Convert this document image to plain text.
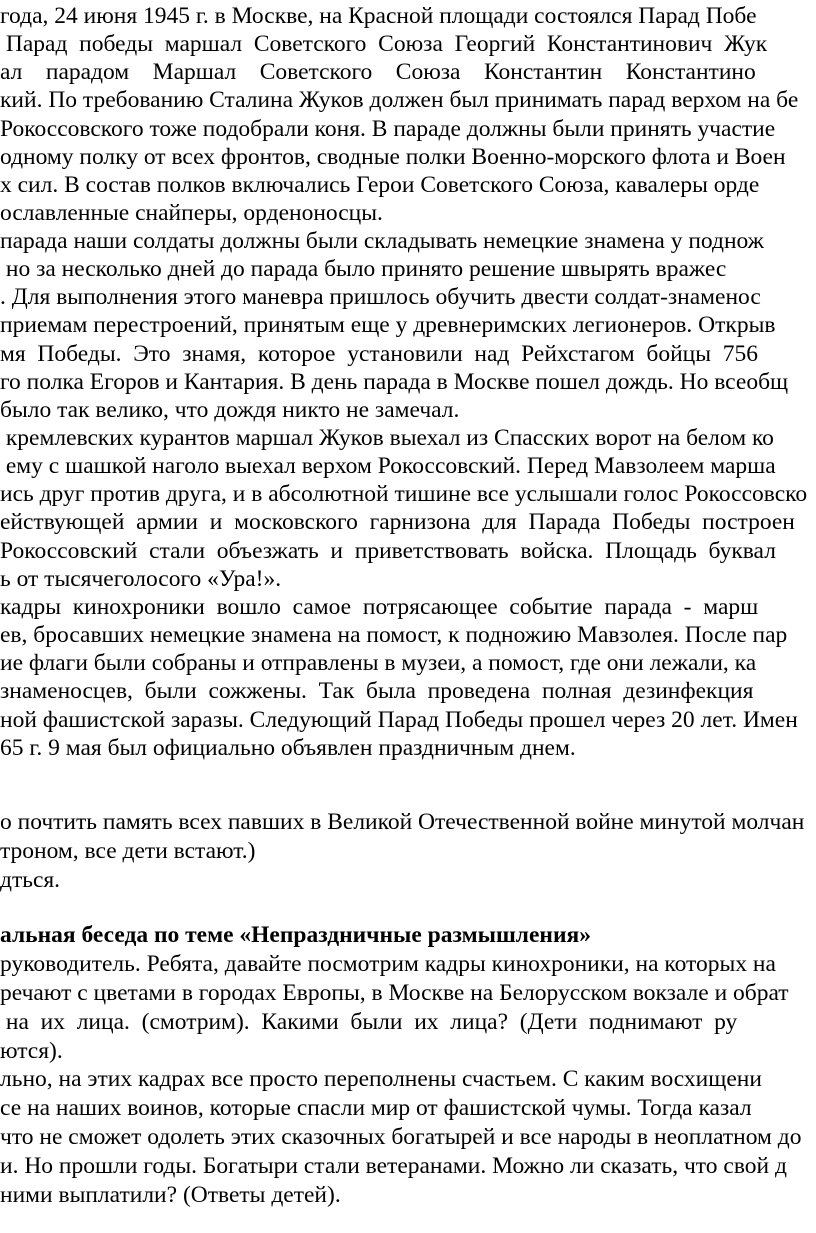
года, 24 июня 1945 г. в Москве, на Красной площади состоялся Парад Побе
Парад  победы  маршал  Советского  Союза  Георгий  Константинович  Жук
ал    парадом    Маршал    Советского    Союза    Константин    Константино
кий. По требованию Сталина Жуков должен был принимать парад верхом на бе
Рокоссовского тоже подобрали коня. В параде должны были принять участие
одному полку от всех фронтов, сводные полки Военно-морского флота и Воен
х сил. В состав полков включались Герои Советского Союза, кавалеры орде
ославленные снайперы, орденоносцы.
парада наши солдаты должны были складывать немецкие знамена у поднож
но за несколько дней до парада было принято решение швырять вражес
. Для выполнения этого маневра пришлось обучить двести солдат-знаменос
приемам перестроений, принятым еще у древнеримских легионеров. Открыв
мя  Победы.  Это  знамя,  которое  установили  над  Рейхстагом  бойцы  756
го полка Егоров и Кантария. В день парада в Москве пошел дождь. Но всеобщ
было так велико, что дождя никто не замечал.
кремлевских курантов маршал Жуков выехал из Спасских ворот на белом ко
ему с шашкой наголо выехал верхом Рокоссовский. Перед Мавзолеем марша
ись друг против друга, и в абсолютной тишине все услышали голос Рокоссовско
ействующей  армии  и  московского  гарнизона  для  Парада  Победы  построен
Рокоссовский  стали  объезжать  и  приветствовать  войска.  Площадь  буквал
ь от тысячеголосого «Ура!».
кадры  кинохроники  вошло  самое  потрясающее  событие  парада  -  марш
ев, бросавших немецкие знамена на помост, к подножию Мавзолея. После пар
ие флаги были собраны и отправлены в музеи, а помост, где они лежали, ка
знаменосцев,  были  сожжены.  Так  была  проведена  полная  дезинфекция
ной фашистской заразы. Следующий Парад Победы прошел через 20 лет. Имен
65 г. 9 мая был официально объявлен праздничным днем.
о почтить память всех павших в Великой Отечественной войне минутой молчан
троном, все дети встают.)
дться.
альная беседа по теме «Непраздничные размышления»
руководитель. Ребята, давайте посмотрим кадры кинохроники, на которых на
речают с цветами в городах Европы, в Москве на Белорусском вокзале и обрат
на  их  лица.  (смотрим).  Какими  были  их  лица?  (Дети  поднимают  ру
ются).
льно, на этих кадрах все просто переполнены счастьем. С каким восхищени
се на наших воинов, которые спасли мир от фашистской чумы. Тогда казал
что не сможет одолеть этих сказочных богатырей и все народы в неоплатном до
и. Но прошли годы. Богатыри стали ветеранами. Можно ли сказать, что свой д
ними выплатили? (Ответы детей).
